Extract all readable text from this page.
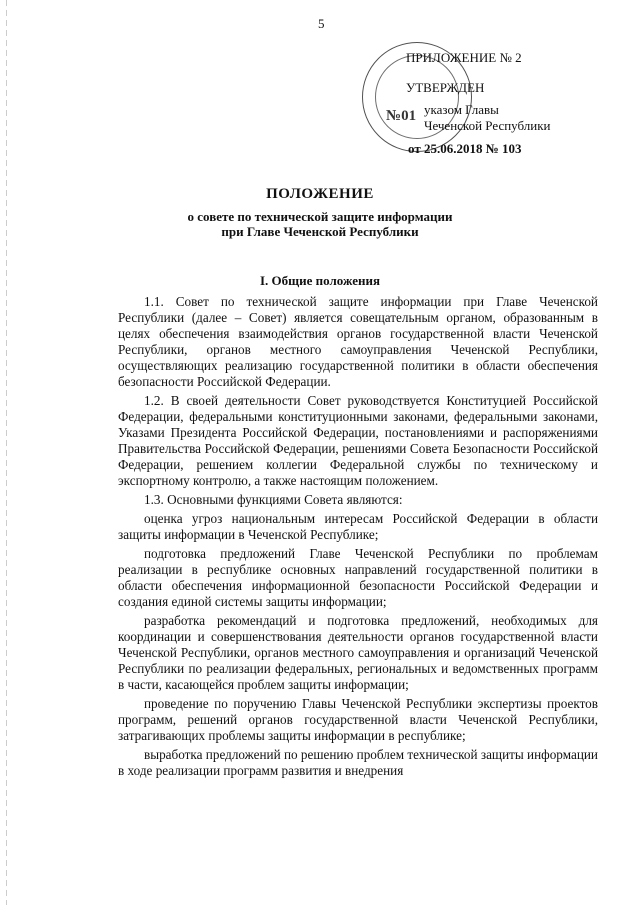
5
№01
ПРИЛОЖЕНИЕ № 2
УТВЕРЖДЕН
указом Главы
Чеченской Республики
от 25.06.2018 № 103
ПОЛОЖЕНИЕ
о совете по технической защите информации
при Главе Чеченской Республики
I. Общие положения

1.1. Совет по технической защите информации при Главе Чеченской Республики (далее – Совет) является совещательным органом, образованным в целях обеспечения взаимодействия органов государственной власти Чеченской Республики, органов местного самоуправления Чеченской Республики, осуществляющих реализацию государственной политики в области обеспечения безопасности Российской Федерации.

1.2. В своей деятельности Совет руководствуется Конституцией Российской Федерации, федеральными конституционными законами, федеральными законами, Указами Президента Российской Федерации, постановлениями и распоряжениями Правительства Российской Федерации, решениями Совета Безопасности Российской Федерации, решением коллегии Федеральной службы по техническому и экспортному контролю, а также настоящим положением.

1.3. Основными функциями Совета являются:

оценка угроз национальным интересам Российской Федерации в области защиты информации в Чеченской Республике;

подготовка предложений Главе Чеченской Республики по проблемам реализации в республике основных направлений государственной политики в области обеспечения информационной безопасности Российской Федерации и создания единой системы защиты информации;

разработка рекомендаций и подготовка предложений, необходимых для координации и совершенствования деятельности органов государственной власти Чеченской Республики, органов местного самоуправления и организаций Чеченской Республики по реализации федеральных, региональных и ведомственных программ в части, касающейся проблем защиты информации;

проведение по поручению Главы Чеченской Республики экспертизы проектов программ, решений органов государственной власти Чеченской Республики, затрагивающих проблемы защиты информации в республике;

выработка предложений по решению проблем технической защиты информации в ходе реализации программ развития и внедрения
